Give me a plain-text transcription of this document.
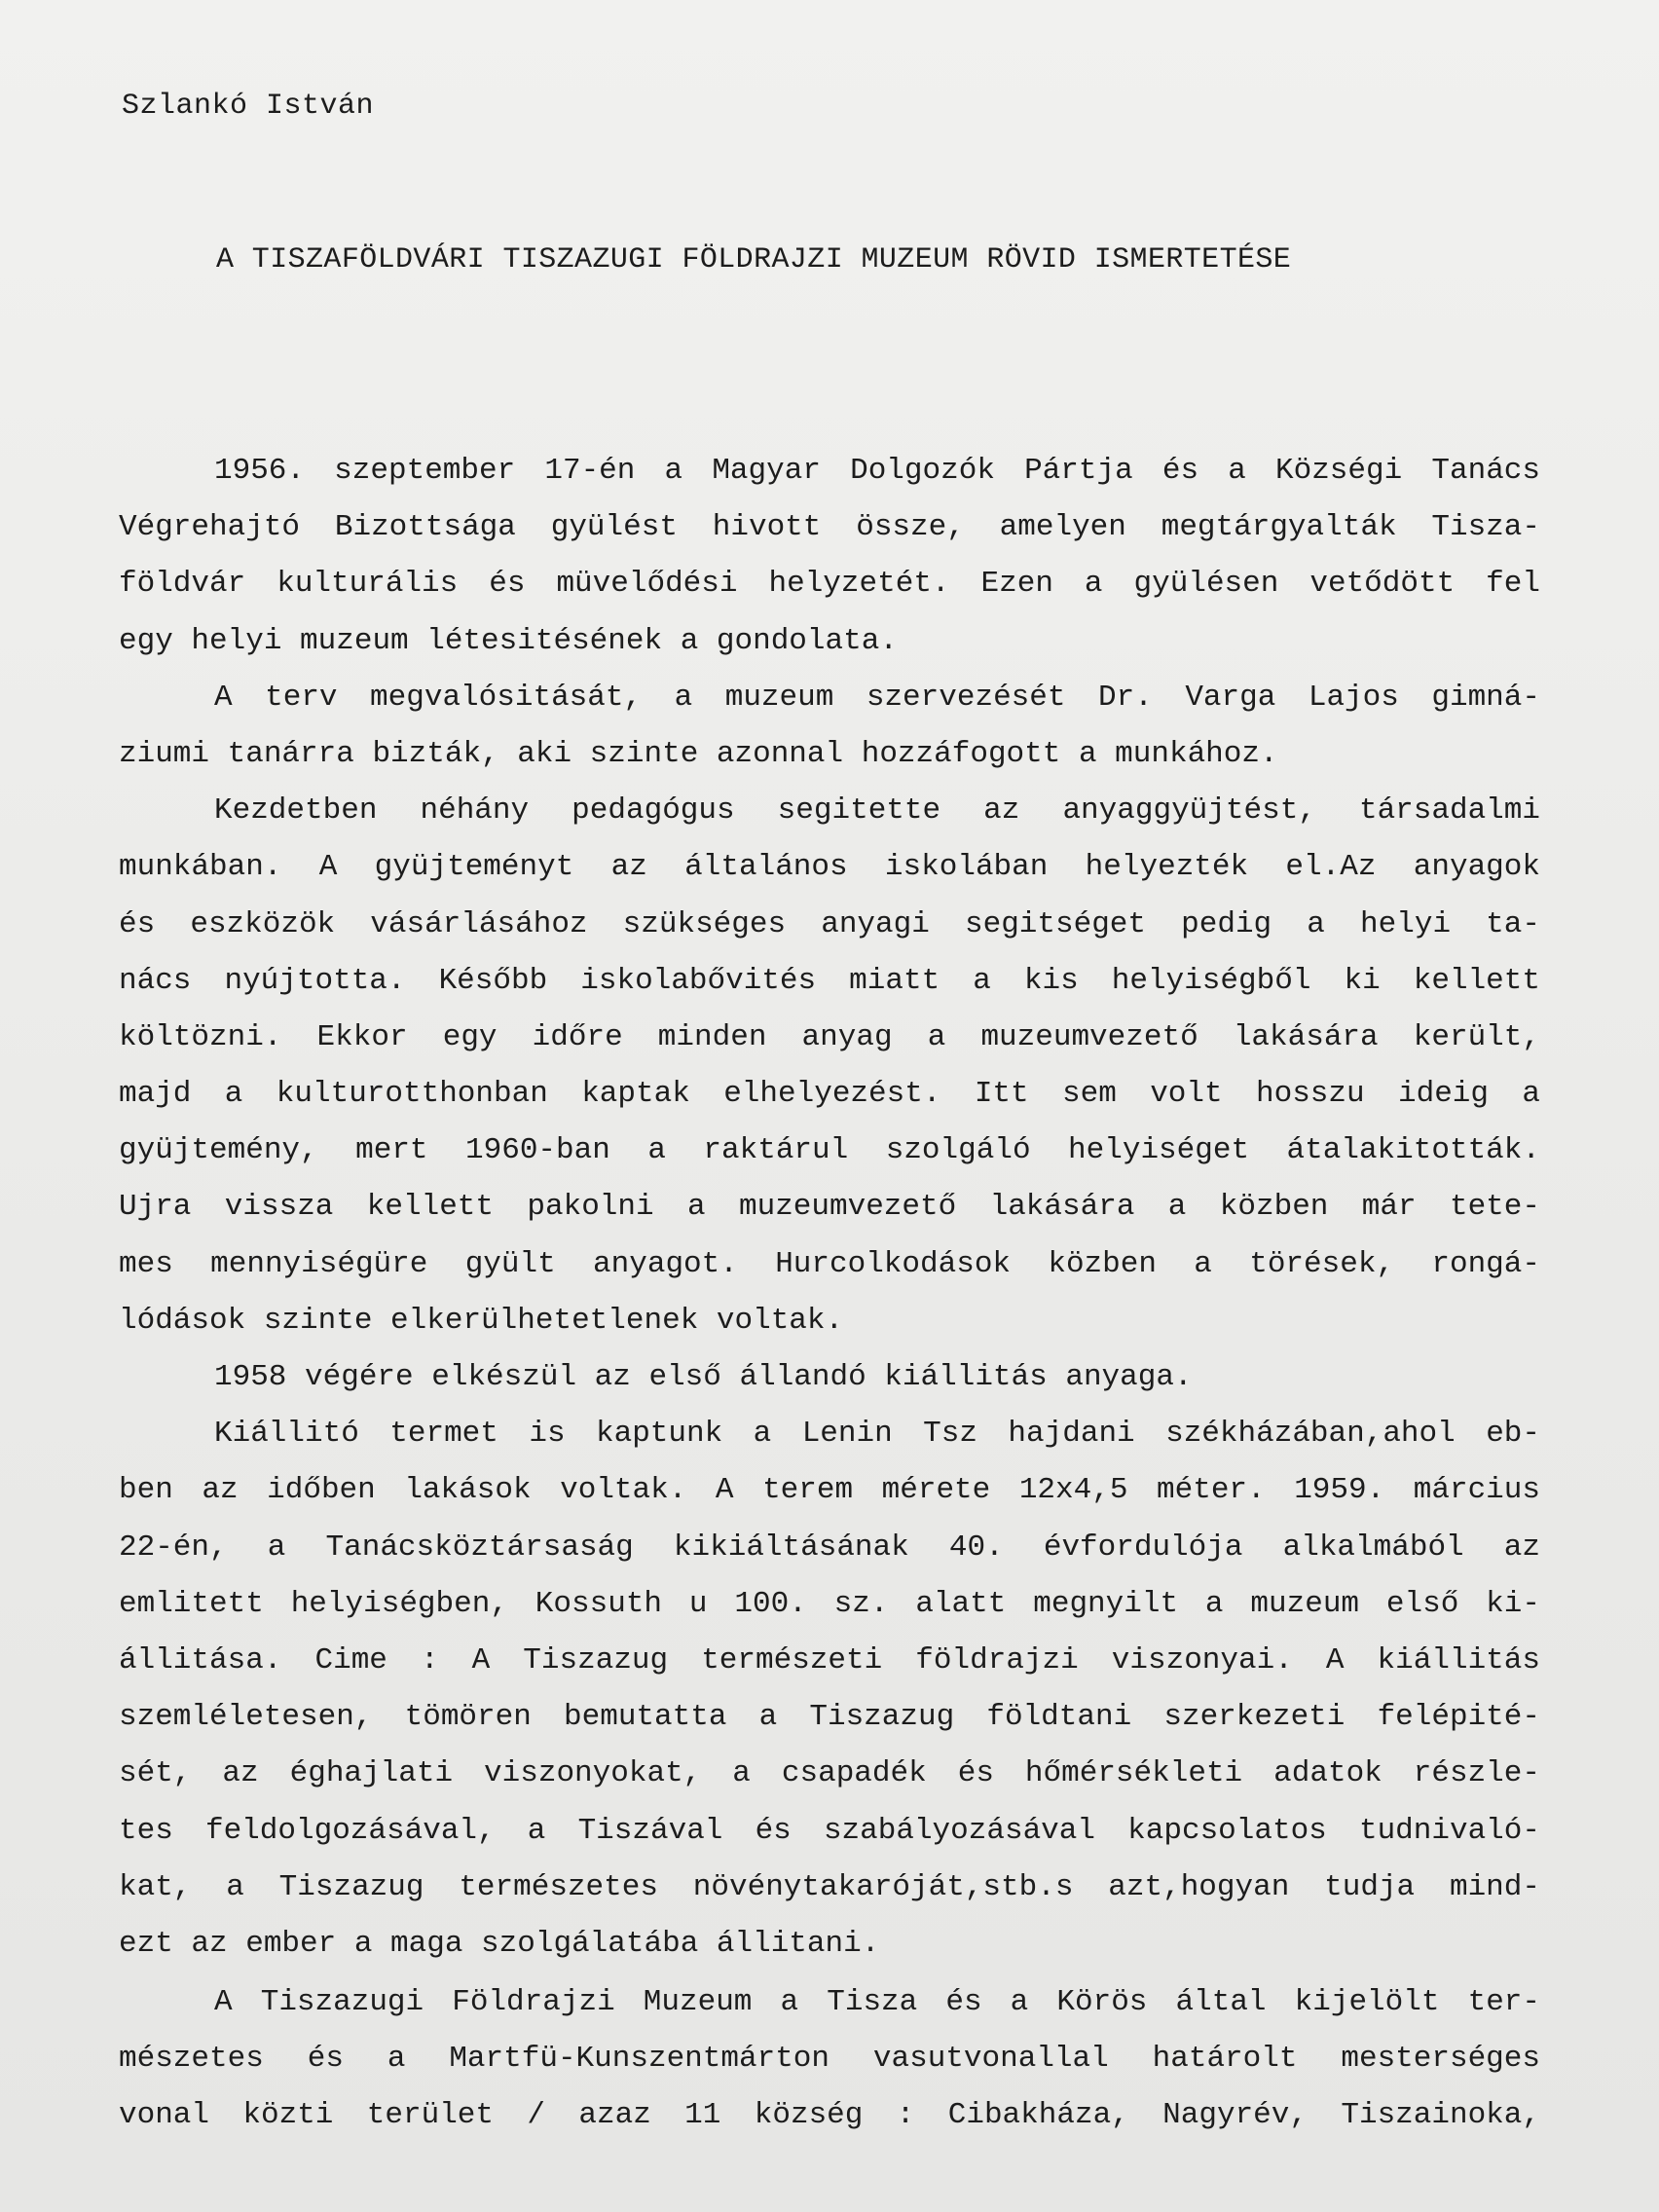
Szlankó István
A TISZAFÖLDVÁRI TISZAZUGI FÖLDRAJZI MUZEUM RÖVID ISMERTETÉSE
1956. szeptember 17-én a Magyar Dolgozók Pártja és a Községi Tanács
Végrehajtó Bizottsága gyülést hivott össze, amelyen megtárgyalták Tisza-
földvár kulturális és müvelődési helyzetét. Ezen a gyülésen vetődött fel
egy helyi muzeum létesitésének a gondolata.
A terv megvalósitását, a muzeum szervezését Dr. Varga Lajos gimná-
ziumi tanárra bizták, aki szinte azonnal hozzáfogott a munkához.
Kezdetben néhány pedagógus segitette az anyaggyüjtést, társadalmi
munkában. A gyüjteményt az általános iskolában helyezték el.Az anyagok
és eszközök vásárlásához szükséges anyagi segitséget pedig a helyi ta-
nács nyújtotta. Később iskolabővités miatt a kis helyiségből ki kellett
költözni. Ekkor egy időre minden anyag a muzeumvezető lakására került,
majd a kulturotthonban kaptak elhelyezést. Itt sem volt hosszu ideig a
gyüjtemény, mert 1960-ban a raktárul szolgáló helyiséget átalakitották.
Ujra vissza kellett pakolni a muzeumvezető lakására a közben már tete-
mes mennyiségüre gyült anyagot. Hurcolkodások közben a törések, rongá-
lódások szinte elkerülhetetlenek voltak.
1958 végére elkészül az első állandó kiállitás anyaga.
Kiállitó termet is kaptunk a Lenin Tsz hajdani székházában,ahol eb-
ben az időben lakások voltak. A terem mérete 12x4,5 méter. 1959. március
22-én, a Tanácsköztársaság kikiáltásának 40. évfordulója alkalmából az
emlitett helyiségben, Kossuth u 100. sz. alatt megnyilt a muzeum első ki-
állitása. Cime : A Tiszazug természeti földrajzi viszonyai. A kiállitás
szemléletesen, tömören bemutatta a Tiszazug földtani szerkezeti felépité-
sét, az éghajlati viszonyokat, a csapadék és hőmérsékleti adatok részle-
tes feldolgozásával, a Tiszával és szabályozásával kapcsolatos tudnivaló-
kat, a Tiszazug természetes növénytakaróját,stb.s azt,hogyan tudja mind-
ezt az ember a maga szolgálatába állitani.
A Tiszazugi Földrajzi Muzeum a Tisza és a Körös által kijelölt ter-
mészetes és a Martfü-Kunszentmárton vasutvonallal határolt mesterséges
vonal közti terület / azaz 11 község : Cibakháza, Nagyrév, Tiszainoka,
